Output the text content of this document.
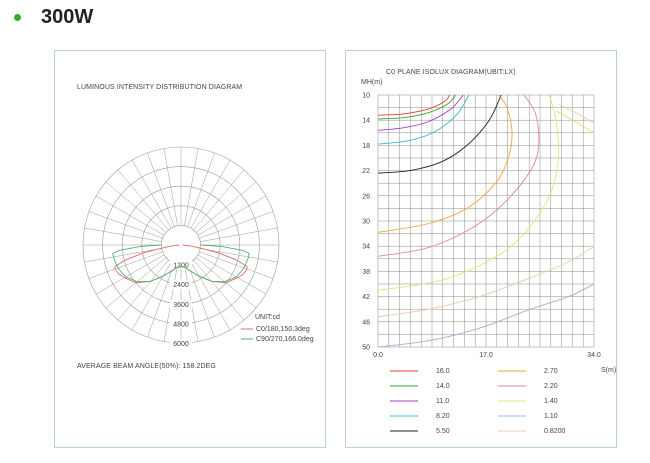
300W
LUMINOUS INTENSITY DISTRIBUTION DIAGRAM
1200
2400
3600
4800
6000
UNIT:cd
C0/180,150.3deg
C90/270,166.0deg
AVERAGE BEAM ANGLE(50%): 158.2DEG
C0 PLANE ISOLUX DIAGRAM(UBIT:LX)
MH(m)
10
14
18
22
26
30
34
38
42
46
50
0.0	17.0	34.0
S(m)
16.0
14.0
11.0
8.20
5.50
2.70
2.20
1.40
1.10
0.8200
